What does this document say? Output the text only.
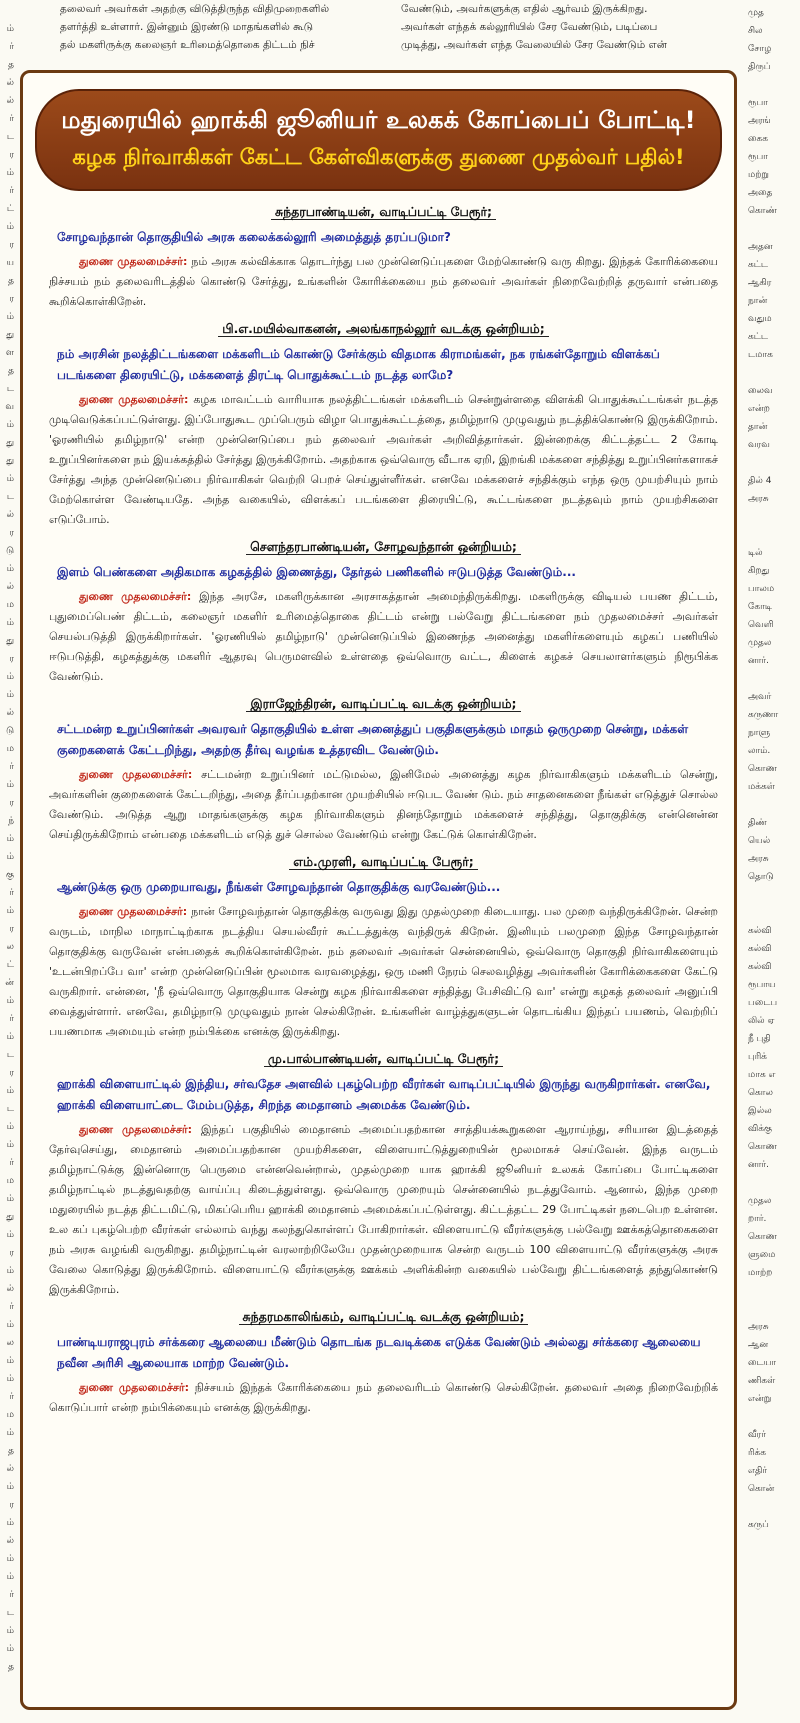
ம்

ர்

த

ல்

ல்

ர்

ட

ர

ம்

ர்

ட்

ம்

ர

ய

த

ர

ம்

து

ள

த

ட

வ

ம்

து

து

ம்

ட

ல்

ர

டு

ம்

ல்

ம

ம்

து

ர

ம்

ம்

ல்

டு

ம

ர்

ம்

ர

ந்

ம்

ம்

கு

ர்

ம்

ர

ல

ட்

ன்

ம்

ர்

ம்

ட

ர

ம்

ட

ம்

ம்

ர்

ம

ம்

து

ம்

ர

ம்

ல்

ர்

ம்

ல

ம்

ம்

ர்

ம

ம்

த

ல்

ம்

ர

ம்

ல்

ம்

ம்

ர்

ட

ம்

ம்

த

முத

சில

சோழ

திருப்

ரூபா

அரங்

கைக

ரூபா

மற்று

அதை

கொண்

அதன

கட்ட

ஆகிர

நான்

வதும

கட்ட

டமாக

லைவ

என்ற

தான்

வரவ

தில் 4

அரசு

டில்

கிறது

பாலம

கோடி

வெளி

முதல

னார்.

அவர்

கருணா

நாளு

லாம்.

கொண

மக்கள்

திண்

யெல்

அரசு

தொடு

கல்வி

கல்வி

கல்வி

ரூபாய

படைப

லில் ஏ

நீ புதி

புரிக்

மாக எ

கொல

இல்ல

விக்கு

கொண

னார்.

முதல

றார்.

கொண

ளுமை

மாற்ற

அரசு

ஆன

டையா

ணிகள்

என்று

வீரர்

ரிக்க

எதிர்

கொன்

கருப்

தலைவர் அவர்கள் அதற்கு விடுத்திருந்த விதிமுறைகளில்

தளர்த்தி உள்ளார். இன்னும் இரண்டு மாதங்களில் கூடு

தல் மகளிருக்கு கலைஞர் உரிமைத்தொகை திட்டம் நிச்

வேண்டும், அவர்களுக்கு எதில் ஆர்வம் இருக்கிறது.

அவர்கள் எந்தக் கல்லூரியில் சேர வேண்டும், படிப்பை

முடித்து, அவர்கள் எந்த வேலையில் சேர வேண்டும் என்

மதுரையில் ஹாக்கி ஜூனியர் உலகக் கோப்பைப் போட்டி!
கழக நிர்வாகிகள் கேட்ட கேள்விகளுக்கு துணை முதல்வர் பதில்!
சுந்தரபாண்டியன், வாடிப்பட்டி பேரூர்;

சோழவந்தான் தொகுதியில் அரசு கலைக்கல்லூரி அமைத்துத் தரப்படுமா?

துணை முதலமைச்சர்: நம் அரசு கல்விக்காக தொடர்ந்து பல முன்னெடுப்புகளை மேற்கொண்டு வரு கிறது. இந்தக் கோரிக்கையை நிச்சயம் நம் தலைவரிடத்தில் கொண்டு சேர்த்து, உங்களின் கோரிக்கையை நம் தலைவர் அவர்கள் நிறைவேற்றித் தருவார் என்பதை கூறிக்கொள்கிறேன்.

பி.எ.மயில்வாகனன், அலங்காநல்லூர் வடக்கு ஒன்றியம்;

நம் அரசின் நலத்திட்டங்களை மக்களிடம் கொண்டு சேர்க்கும் விதமாக கிராமங்கள், நக ரங்கள்தோறும் விளக்கப் படங்களை திரையிட்டு, மக்களைத் திரட்டி பொதுக்கூட்டம் நடத்த லாமே?

துணை முதலமைச்சர்: கழக மாவட்டம் வாரியாக நலத்திட்டங்கள் மக்களிடம் சென்றுள்ளதை விளக்கி பொதுக்கூட்டங்கள் நடத்த முடிவெடுக்கப்பட்டுள்ளது. இப்போதுகூட முப்பெரும் விழா பொதுக்கூட்டத்தை, தமிழ்நாடு முழுவதும் நடத்திக்கொண்டு இருக்கிறோம். 'ஓரணியில் தமிழ்நாடு' என்ற முன்னெடுப்பை நம் தலைவர் அவர்கள் அறிவித்தார்கள். இன்றைக்கு கிட்டத்தட்ட 2 கோடி உறுப்பினர்களை நம் இயக்கத்தில் சேர்த்து இருக்கிறோம். அதற்காக ஒவ்வொரு வீடாக ஏறி, இறங்கி மக்களை சந்தித்து உறுப்பினர்களாகச் சேர்த்து அந்த முன்னெடுப்பை நிர்வாகிகள் வெற்றி பெறச் செய்துள்ளீர்கள். எனவே மக்களைச் சந்திக்கும் எந்த ஒரு முயற்சியும் நாம் மேற்கொள்ள வேண்டியதே. அந்த வகையில், விளக்கப் படங்களை திரையிட்டு, கூட்டங்களை நடத்தவும் நாம் முயற்சிகளை எடுப்போம்.

சௌந்தரபாண்டியன், சோழவந்தான் ஒன்றியம்;

இளம் பெண்களை அதிகமாக கழகத்தில் இணைத்து, தேர்தல் பணிகளில் ஈடுபடுத்த வேண்டும்...

துணை முதலமைச்சர்: இந்த அரசே, மகளிருக்கான அரசாகத்தான் அமைந்திருக்கிறது. மகளிருக்கு விடியல் பயண திட்டம், புதுமைப்பெண் திட்டம், கலைஞர் மகளிர் உரிமைத்தொகை திட்டம் என்று பல்வேறு திட்டங்களை நம் முதலமைச்சர் அவர்கள் செயல்படுத்தி இருக்கிறார்கள். 'ஓரணியில் தமிழ்நாடு' முன்னெடுப்பில் இணைந்த அனைத்து மகளிர்களையும் கழகப் பணியில் ஈடுபடுத்தி, கழகத்துக்கு மகளிர் ஆதரவு பெருமளவில் உள்ளதை ஒவ்வொரு வட்ட, கிளைக் கழகச் செயலாளர்களும் நிரூபிக்க வேண்டும்.

இராஜேந்திரன், வாடிப்பட்டி வடக்கு ஒன்றியம்;

சட்டமன்ற உறுப்பினர்கள் அவரவர் தொகுதியில் உள்ள அனைத்துப் பகுதிகளுக்கும் மாதம் ஒருமுறை சென்று, மக்கள் குறைகளைக் கேட்டறிந்து, அதற்கு தீர்வு வழங்க உத்தரவிட வேண்டும்.

துணை முதலமைச்சர்: சட்டமன்ற உறுப்பினர் மட்டுமல்ல, இனிமேல் அனைத்து கழக நிர்வாகிகளும் மக்களிடம் சென்று, அவர்களின் குறைகளைக் கேட்டறிந்து, அதை தீர்ப்பதற்கான முயற்சியில் ஈடுபட வேண் டும். நம் சாதனைகளை நீங்கள் எடுத்துச் சொல்ல வேண்டும். அடுத்த ஆறு மாதங்களுக்கு கழக நிர்வாகிகளும் தினந்தோறும் மக்களைச் சந்தித்து, தொகுதிக்கு என்னென்ன செய்திருக்கிறோம் என்பதை மக்களிடம் எடுத் துச் சொல்ல வேண்டும் என்று கேட்டுக் கொள்கிறேன்.

எம்.முரளி, வாடிப்பட்டி பேரூர்;

ஆண்டுக்கு ஒரு முறையாவது, நீங்கள் சோழவந்தான் தொகுதிக்கு வரவேண்டும்...

துணை முதலமைச்சர்: நான் சோழவந்தான் தொகுதிக்கு வருவது இது முதல்முறை கிடையாது. பல முறை வந்திருக்கிறேன். சென்ற வருடம், மாநில மாநாட்டிற்காக நடத்திய செயல்வீரர் கூட்டத்துக்கு வந்திருக் கிறேன். இனியும் பலமுறை இந்த சோழவந்தான் தொகுதிக்கு வருவேன் என்பதைக் கூறிக்கொள்கிறேன். நம் தலைவர் அவர்கள் சென்னையில், ஒவ்வொரு தொகுதி நிர்வாகிகளையும் 'உடன்பிறப்பே வா' என்ற முன்னெடுப்பின் மூலமாக வரவழைத்து, ஒரு மணி நேரம் செலவழித்து அவர்களின் கோரிக்கைகளை கேட்டு வருகிறார். என்னை, 'நீ ஒவ்வொரு தொகுதியாக சென்று கழக நிர்வாகிகளை சந்தித்து பேசிவிட்டு வா' என்று கழகத் தலைவர் அனுப்பி வைத்துள்ளார். எனவே, தமிழ்நாடு முழுவதும் நான் செல்கிறேன். உங்களின் வாழ்த்துகளுடன் தொடங்கிய இந்தப் பயணம், வெற்றிப் பயணமாக அமையும் என்ற நம்பிக்கை எனக்கு இருக்கிறது.

மு.பால்பாண்டியன், வாடிப்பட்டி பேரூர்;

ஹாக்கி விளையாட்டில் இந்திய, சர்வதேச அளவில் புகழ்பெற்ற வீரர்கள் வாடிப்பட்டியில் இருந்து வருகிறார்கள். எனவே, ஹாக்கி விளையாட்டை மேம்படுத்த, சிறந்த மைதானம் அமைக்க வேண்டும்.

துணை முதலமைச்சர்: இந்தப் பகுதியில் மைதானம் அமைப்பதற்கான சாத்தியக்கூறுகளை ஆராய்ந்து, சரியான இடத்தைத் தேர்வுசெய்து, மைதானம் அமைப்பதற்கான முயற்சிகளை, விளையாட்டுத்துறையின் மூலமாகச் செய்வேன். இந்த வருடம் தமிழ்நாட்டுக்கு இன்னொரு பெருமை என்னவென்றால், முதல்முறை யாக ஹாக்கி ஜூனியர் உலகக் கோப்பை போட்டிகளை தமிழ்நாட்டில் நடத்துவதற்கு வாய்ப்பு கிடைத்துள்ளது. ஒவ்வொரு முறையும் சென்னையில் நடத்துவோம். ஆனால், இந்த முறை மதுரையில் நடத்த திட்டமிட்டு, மிகப்பெரிய ஹாக்கி மைதானம் அமைக்கப்பட்டுள்ளது. கிட்டத்தட்ட 29 போட்டிகள் நடைபெற உள்ளன. உல கப் புகழ்பெற்ற வீரர்கள் எல்லாம் வந்து கலந்துகொள்ளப் போகிறார்கள். விளையாட்டு வீரர்களுக்கு பல்வேறு ஊக்கத்தொகைகளை நம் அரசு வழங்கி வருகிறது. தமிழ்நாட்டின் வரலாற்றிலேயே முதன்முறையாக சென்ற வருடம் 100 விளையாட்டு வீரர்களுக்கு அரசு வேலை கொடுத்து இருக்கிறோம். விளையாட்டு வீரர்களுக்கு ஊக்கம் அளிக்கின்ற வகையில் பல்வேறு திட்டங்களைத் தந்துகொண்டு இருக்கிறோம்.

சுந்தரமகாலிங்கம், வாடிப்பட்டி வடக்கு ஒன்றியம்;

பாண்டியராஜபுரம் சர்க்கரை ஆலையை மீண்டும் தொடங்க நடவடிக்கை எடுக்க வேண்டும் அல்லது சர்க்கரை ஆலையை நவீன அரிசி ஆலையாக மாற்ற வேண்டும்.

துணை முதலமைச்சர்: நிச்சயம் இந்தக் கோரிக்கையை நம் தலைவரிடம் கொண்டு செல்கிறேன். தலைவர் அதை நிறைவேற்றிக் கொடுப்பார் என்ற நம்பிக்கையும் எனக்கு இருக்கிறது.
